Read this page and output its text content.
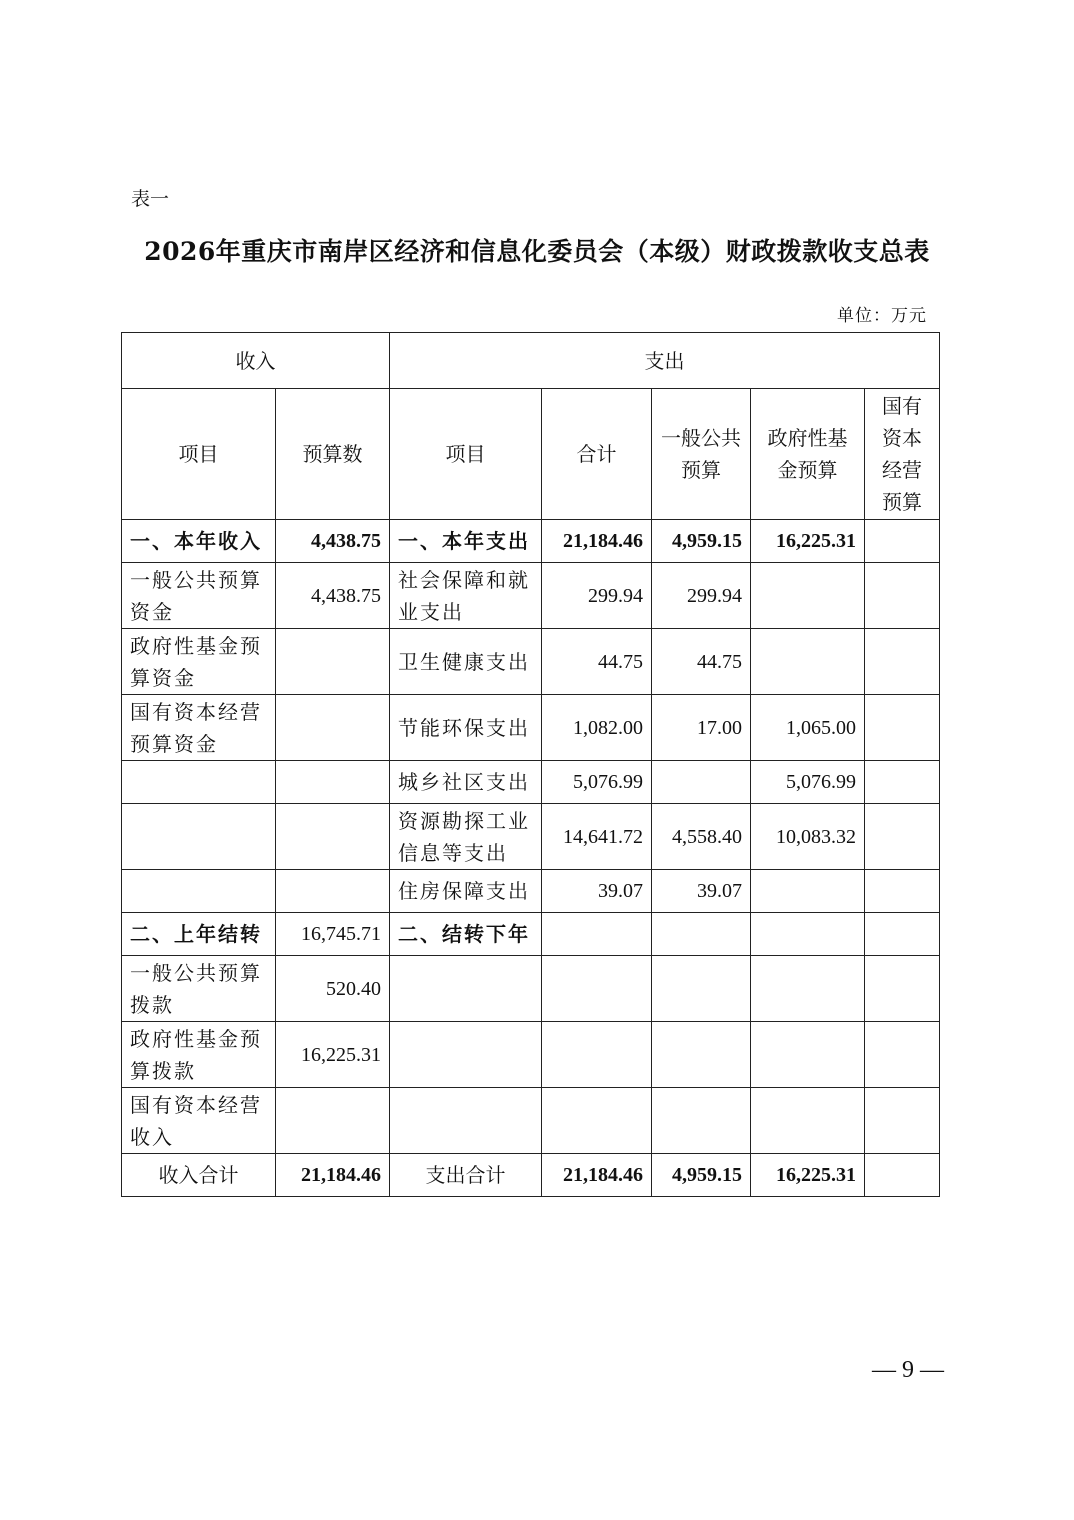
表一
2026年重庆市南岸区经济和信息化委员会（本级）财政拨款收支总表
单位：万元
收入		支出				
项目	预算数	项目	合计	一般公共预算	政府性基金预算	国有资本经营预算
一、本年收入	4,438.75	一、本年支出	21,184.46	4,959.15	16,225.31	
一般公共预算资金	4,438.75	社会保障和就业支出	299.94	299.94		
政府性基金预算资金		卫生健康支出	44.75	44.75		
国有资本经营预算资金		节能环保支出	1,082.00	17.00	1,065.00	
		城乡社区支出	5,076.99		5,076.99	
		资源勘探工业信息等支出	14,641.72	4,558.40	10,083.32	
		住房保障支出	39.07	39.07		
二、上年结转	16,745.71	二、结转下年				
一般公共预算拨款	520.40					
政府性基金预算拨款	16,225.31					
国有资本经营收入						
收入合计	21,184.46	支出合计	21,184.46	4,959.15	16,225.31	
— 9 —
